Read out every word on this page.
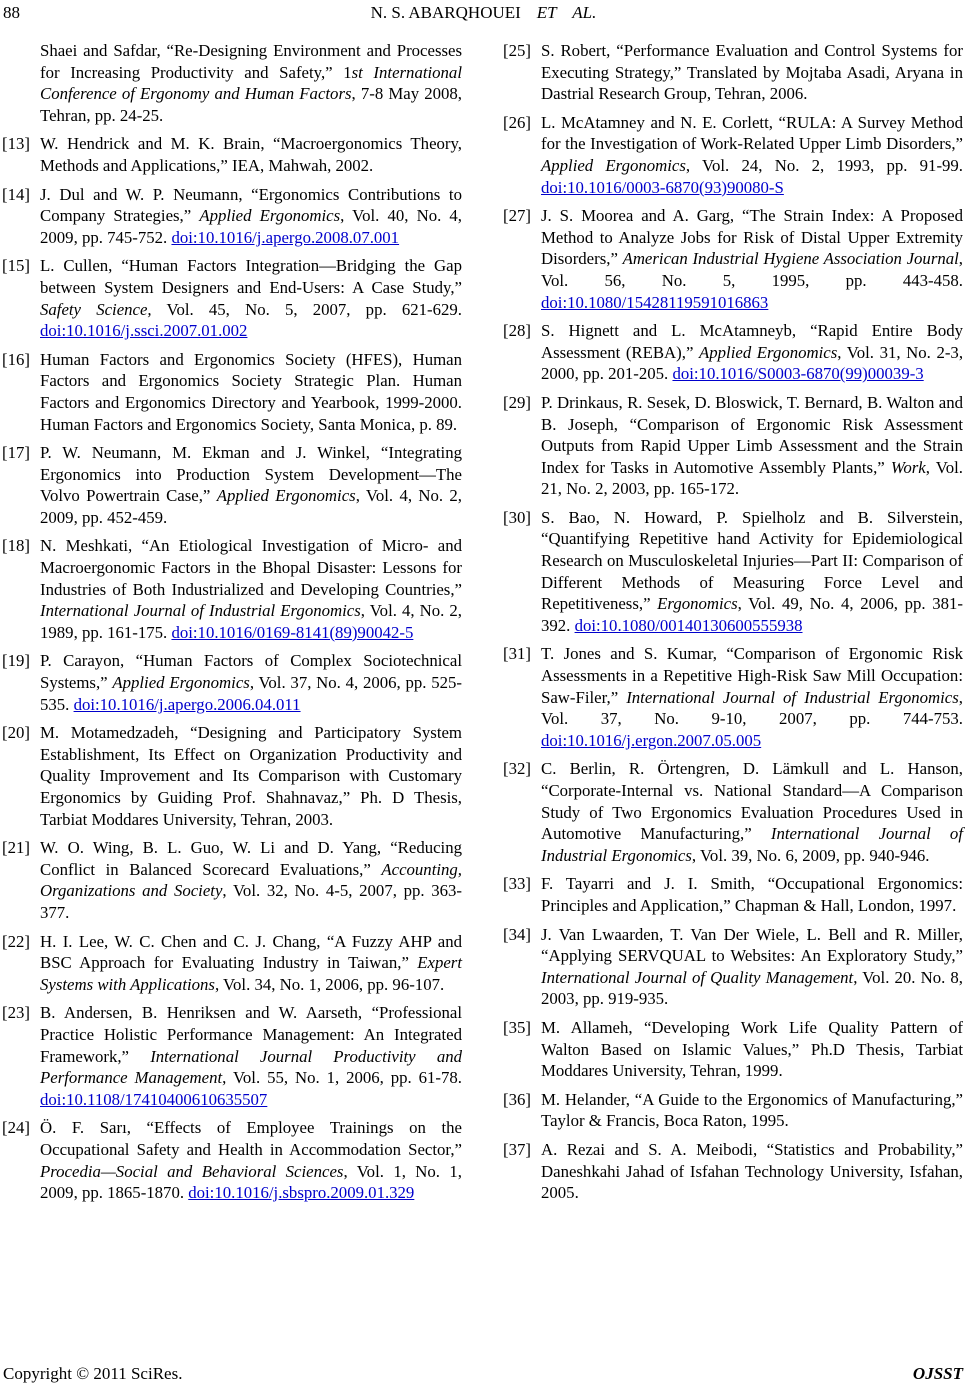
88	N. S. ABARQHOUEI ET AL.
Shaei and Safdar, “Re-Designing Environment and Processes for Increasing Productivity and Safety,” 1st International Conference of Ergonomy and Human Factors, 7-8 May 2008, Tehran, pp. 24-25.
[13] W. Hendrick and M. K. Brain, “Macroergonomics Theory, Methods and Applications,” IEA, Mahwah, 2002.
[14] J. Dul and W. P. Neumann, “Ergonomics Contributions to Company Strategies,” Applied Ergonomics, Vol. 40, No. 4, 2009, pp. 745-752. doi:10.1016/j.apergo.2008.07.001
[15] L. Cullen, “Human Factors Integration—Bridging the Gap between System Designers and End-Users: A Case Study,” Safety Science, Vol. 45, No. 5, 2007, pp. 621-629. doi:10.1016/j.ssci.2007.01.002
[16] Human Factors and Ergonomics Society (HFES), Human Factors and Ergonomics Society Strategic Plan. Human Factors and Ergonomics Directory and Yearbook, 1999-2000. Human Factors and Ergonomics Society, Santa Monica, p. 89.
[17] P. W. Neumann, M. Ekman and J. Winkel, “Integrating Ergonomics into Production System Development—The Volvo Powertrain Case,” Applied Ergonomics, Vol. 4, No. 2, 2009, pp. 452-459.
[18] N. Meshkati, “An Etiological Investigation of Micro- and Macroergonomic Factors in the Bhopal Disaster: Lessons for Industries of Both Industrialized and Developing Countries,” International Journal of Industrial Ergonomics, Vol. 4, No. 2, 1989, pp. 161-175. doi:10.1016/0169-8141(89)90042-5
[19] P. Carayon, “Human Factors of Complex Sociotechnical Systems,” Applied Ergonomics, Vol. 37, No. 4, 2006, pp. 525-535. doi:10.1016/j.apergo.2006.04.011
[20] M. Motamedzadeh, “Designing and Participatory System Establishment, Its Effect on Organization Productivity and Quality Improvement and Its Comparison with Customary Ergonomics by Guiding Prof. Shahnavaz,” Ph. D Thesis, Tarbiat Moddares University, Tehran, 2003.
[21] W. O. Wing, B. L. Guo, W. Li and D. Yang, “Reducing Conflict in Balanced Scorecard Evaluations,” Accounting, Organizations and Society, Vol. 32, No. 4-5, 2007, pp. 363-377.
[22] H. I. Lee, W. C. Chen and C. J. Chang, “A Fuzzy AHP and BSC Approach for Evaluating Industry in Taiwan,” Expert Systems with Applications, Vol. 34, No. 1, 2006, pp. 96-107.
[23] B. Andersen, B. Henriksen and W. Aarseth, “Professional Practice Holistic Performance Management: An Integrated Framework,” International Journal Productivity and Performance Management, Vol. 55, No. 1, 2006, pp. 61-78. doi:10.1108/17410400610635507
[24] Ö. F. Sarı, “Effects of Employee Trainings on the Occupational Safety and Health in Accommodation Sector,” Procedia—Social and Behavioral Sciences, Vol. 1, No. 1, 2009, pp. 1865-1870. doi:10.1016/j.sbspro.2009.01.329
[25] S. Robert, “Performance Evaluation and Control Systems for Executing Strategy,” Translated by Mojtaba Asadi, Aryana in Dastrial Research Group, Tehran, 2006.
[26] L. McAtamney and N. E. Corlett, “RULA: A Survey Method for the Investigation of Work-Related Upper Limb Disorders,” Applied Ergonomics, Vol. 24, No. 2, 1993, pp. 91-99. doi:10.1016/0003-6870(93)90080-S
[27] J. S. Moorea and A. Garg, “The Strain Index: A Proposed Method to Analyze Jobs for Risk of Distal Upper Extremity Disorders,” American Industrial Hygiene Association Journal, Vol. 56, No. 5, 1995, pp. 443-458. doi:10.1080/15428119591016863
[28] S. Hignett and L. McAtamneyb, “Rapid Entire Body Assessment (REBA),” Applied Ergonomics, Vol. 31, No. 2-3, 2000, pp. 201-205. doi:10.1016/S0003-6870(99)00039-3
[29] P. Drinkaus, R. Sesek, D. Bloswick, T. Bernard, B. Walton and B. Joseph, “Comparison of Ergonomic Risk Assessment Outputs from Rapid Upper Limb Assessment and the Strain Index for Tasks in Automotive Assembly Plants,” Work, Vol. 21, No. 2, 2003, pp. 165-172.
[30] S. Bao, N. Howard, P. Spielholz and B. Silverstein, “Quantifying Repetitive hand Activity for Epidemiological Research on Musculoskeletal Injuries—Part II: Comparison of Different Methods of Measuring Force Level and Repetitiveness,” Ergonomics, Vol. 49, No. 4, 2006, pp. 381- 392. doi:10.1080/00140130600555938
[31] T. Jones and S. Kumar, “Comparison of Ergonomic Risk Assessments in a Repetitive High-Risk Saw Mill Occupation: Saw-Filer,” International Journal of Industrial Ergonomics, Vol. 37, No. 9-10, 2007, pp. 744-753. doi:10.1016/j.ergon.2007.05.005
[32] C. Berlin, R. Örtengren, D. Lämkull and L. Hanson, “Corporate-Internal vs. National Standard—A Comparison Study of Two Ergonomics Evaluation Procedures Used in Automotive Manufacturing,” International Journal of Industrial Ergonomics, Vol. 39, No. 6, 2009, pp. 940-946.
[33] F. Tayarri and J. I. Smith, “Occupational Ergonomics: Principles and Application,” Chapman & Hall, London, 1997.
[34] J. Van Lwaarden, T. Van Der Wiele, L. Bell and R. Miller, “Applying SERVQUAL to Websites: An Exploratory Study,” International Journal of Quality Management, Vol. 20. No. 8, 2003, pp. 919-935.
[35] M. Allameh, “Developing Work Life Quality Pattern of Walton Based on Islamic Values,” Ph.D Thesis, Tarbiat Moddares University, Tehran, 1999.
[36] M. Helander, “A Guide to the Ergonomics of Manufacturing,” Taylor & Francis, Boca Raton, 1995.
[37] A. Rezai and S. A. Meibodi, “Statistics and Probability,” Daneshkahi Jahad of Isfahan Technology University, Isfahan, 2005.
Copyright © 2011 SciRes.	OJSST
